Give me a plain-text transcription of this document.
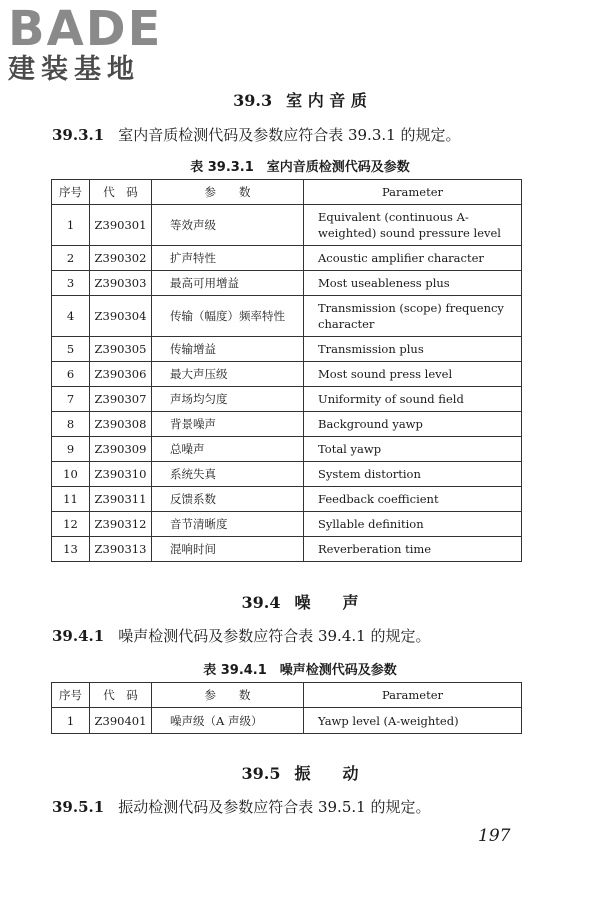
BADE
建装基地
39.3 室 内 音 质
39.3.1 室内音质检测代码及参数应符合表 39.3.1 的规定。
表 39.3.1　室内音质检测代码及参数
序号	代　码	参　　数	Parameter
1	Z390301	等效声级	Equivalent (continuous A-weighted) sound pressure level
2	Z390302	扩声特性	Acoustic amplifier character
3	Z390303	最高可用增益	Most useableness plus
4	Z390304	传输（幅度）频率特性	Transmission (scope) frequency character
5	Z390305	传输增益	Transmission plus
6	Z390306	最大声压级	Most sound press level
7	Z390307	声场均匀度	Uniformity of sound field
8	Z390308	背景噪声	Background yawp
9	Z390309	总噪声	Total yawp
10	Z390310	系统失真	System distortion
11	Z390311	反馈系数	Feedback coefficient
12	Z390312	音节清晰度	Syllable definition
13	Z390313	混响时间	Reverberation time
39.4 噪　　声
39.4.1 噪声检测代码及参数应符合表 39.4.1 的规定。
表 39.4.1　噪声检测代码及参数
序号	代　码	参　　数	Parameter
1	Z390401	噪声级（A 声级）	Yawp level (A-weighted)
39.5 振　　动
39.5.1 振动检测代码及参数应符合表 39.5.1 的规定。
197
